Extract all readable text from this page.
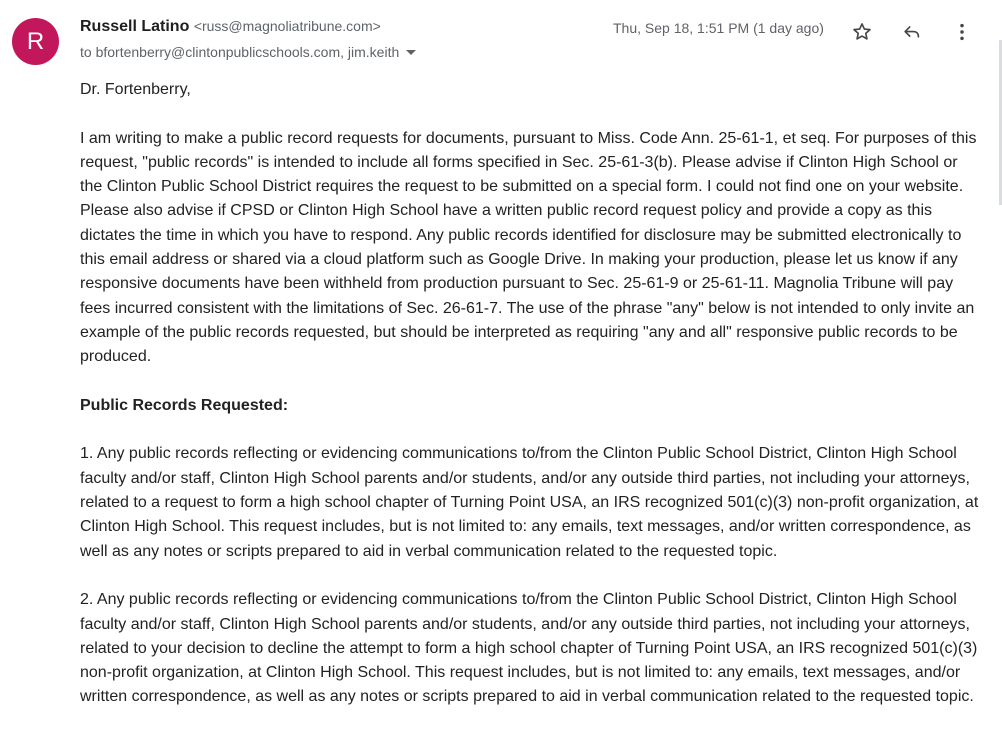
R
Russell Latino <russ@magnoliatribune.com>
to bfortenberry@clintonpublicschools.com, jim.keith
Thu, Sep 18, 1:51 PM (1 day ago)

Dr. Fortenberry,

I am writing to make a public record requests for documents, pursuant to Miss. Code Ann. 25-61-1, et seq. For purposes of this request, "public records" is intended to include all forms specified in Sec. 25-61-3(b). Please advise if Clinton High School or the Clinton Public School District requires the request to be submitted on a special form. I could not find one on your website. Please also advise if CPSD or Clinton High School have a written public record request policy and provide a copy as this dictates the time in which you have to respond. Any public records identified for disclosure may be submitted electronically to this email address or shared via a cloud platform such as Google Drive. In making your production, please let us know if any responsive documents have been withheld from production pursuant to Sec. 25-61-9 or 25-61-11. Magnolia Tribune will pay fees incurred consistent with the limitations of Sec. 26-61-7. The use of the phrase "any" below is not intended to only invite an example of the public records requested, but should be interpreted as requiring "any and all" responsive public records to be produced.

Public Records Requested:

1. Any public records reflecting or evidencing communications to/from the Clinton Public School District, Clinton High School faculty and/or staff, Clinton High School parents and/or students, and/or any outside third parties, not including your attorneys, related to a request to form a high school chapter of Turning Point USA, an IRS recognized 501(c)(3) non-profit organization, at Clinton High School. This request includes, but is not limited to: any emails, text messages, and/or written correspondence, as well as any notes or scripts prepared to aid in verbal communication related to the requested topic.

2. Any public records reflecting or evidencing communications to/from the Clinton Public School District, Clinton High School faculty and/or staff, Clinton High School parents and/or students, and/or any outside third parties, not including your attorneys, related to your decision to decline the attempt to form a high school chapter of Turning Point USA, an IRS recognized 501(c)(3) non-profit organization, at Clinton High School. This request includes, but is not limited to: any emails, text messages, and/or written correspondence, as well as any notes or scripts prepared to aid in verbal communication related to the requested topic.
